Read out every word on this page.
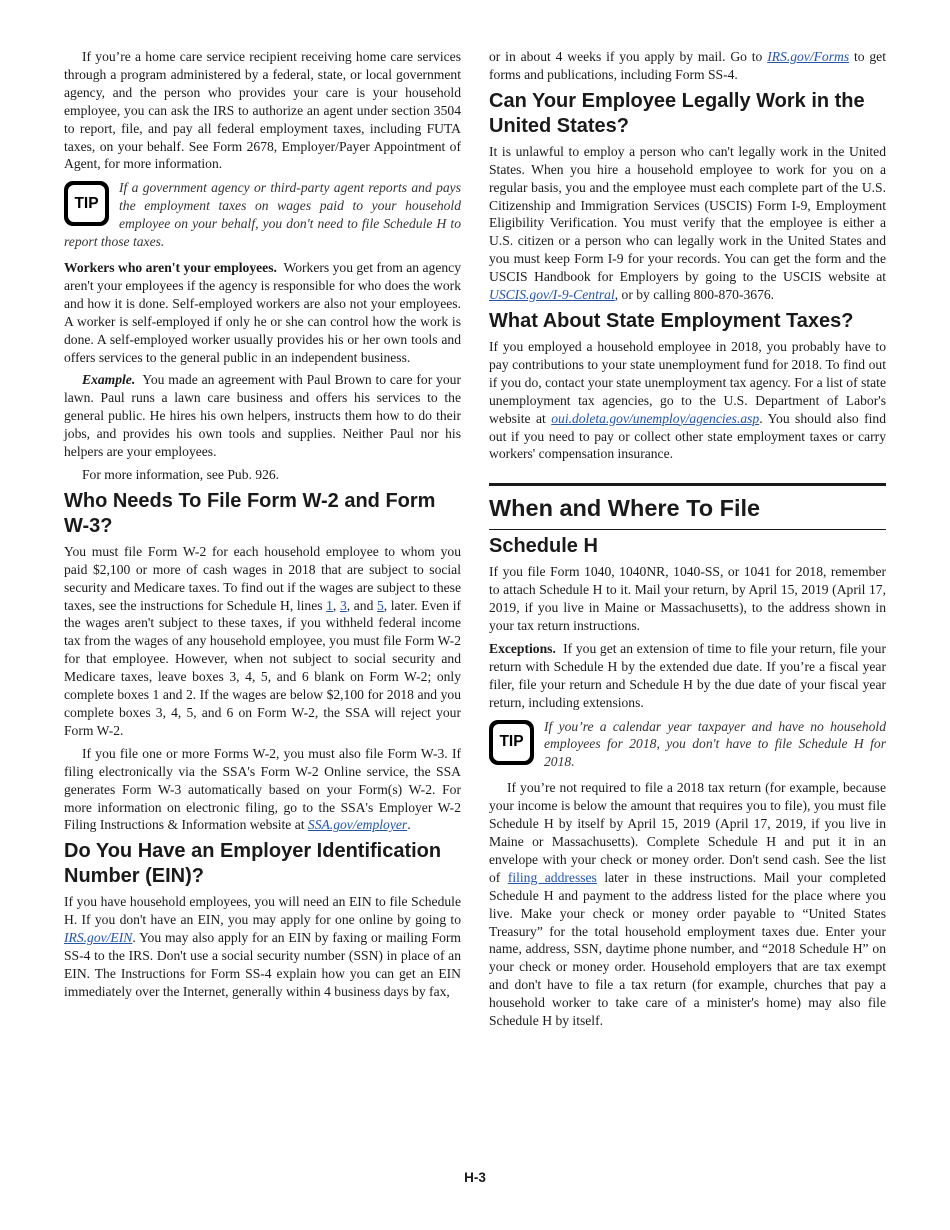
If you’re a home care service recipient receiving home care services through a program administered by a federal, state, or local government agency, and the person who provides your care is your household employee, you can ask the IRS to authorize an agent under section 3504 to report, file, and pay all federal employment taxes, including FUTA taxes, on your behalf. See Form 2678, Employer/Payer Appointment of Agent, for more information.

TIP
If a government agency or third-party agent reports and pays the employment taxes on wages paid to your household employee on your behalf, you don't need to file Schedule H to report those taxes.

Workers who aren't your employees. Workers you get from an agency aren't your employees if the agency is responsible for who does the work and how it is done. Self-employed workers are also not your employees. A worker is self-employed if only he or she can control how the work is done. A self-employed worker usually provides his or her own tools and offers services to the general public in an independent business.

Example. You made an agreement with Paul Brown to care for your lawn. Paul runs a lawn care business and offers his services to the general public. He hires his own helpers, instructs them how to do their jobs, and provides his own tools and supplies. Neither Paul nor his helpers are your employees.

For more information, see Pub. 926.

Who Needs To File Form W-2 and Form W-3?

You must file Form W-2 for each household employee to whom you paid $2,100 or more of cash wages in 2018 that are subject to social security and Medicare taxes. To find out if the wages are subject to these taxes, see the instructions for Schedule H, lines 1, 3, and 5, later. Even if the wages aren't subject to these taxes, if you withheld federal income tax from the wages of any household employee, you must file Form W-2 for that employee. However, when not subject to social security and Medicare taxes, leave boxes 3, 4, 5, and 6 blank on Form W-2; only complete boxes 1 and 2. If the wages are below $2,100 for 2018 and you complete boxes 3, 4, 5, and 6 on Form W-2, the SSA will reject your Form W-2.

If you file one or more Forms W-2, you must also file Form W-3. If filing electronically via the SSA's Form W-2 Online service, the SSA generates Form W-3 automatically based on your Form(s) W-2. For more information on electronic filing, go to the SSA's Employer W-2 Filing Instructions & Information website at SSA.gov/employer.

Do You Have an Employer Identification Number (EIN)?

If you have household employees, you will need an EIN to file Schedule H. If you don't have an EIN, you may apply for one online by going to IRS.gov/EIN. You may also apply for an EIN by faxing or mailing Form SS-4 to the IRS. Don't use a social security number (SSN) in place of an EIN. The Instructions for Form SS-4 explain how you can get an EIN immediately over the Internet, generally within 4 business days by fax,

or in about 4 weeks if you apply by mail. Go to IRS.gov/Forms to get forms and publications, including Form SS-4.

Can Your Employee Legally Work in the United States?

It is unlawful to employ a person who can't legally work in the United States. When you hire a household employee to work for you on a regular basis, you and the employee must each complete part of the U.S. Citizenship and Immigration Services (USCIS) Form I-9, Employment Eligibility Verification. You must verify that the employee is either a U.S. citizen or a person who can legally work in the United States and you must keep Form I-9 for your records. You can get the form and the USCIS Handbook for Employers by going to the USCIS website at USCIS.gov/I-9-Central, or by calling 800-870-3676.

What About State Employment Taxes?

If you employed a household employee in 2018, you probably have to pay contributions to your state unemployment fund for 2018. To find out if you do, contact your state unemployment tax agency. For a list of state unemployment tax agencies, go to the U.S. Department of Labor's website at oui.doleta.gov/unemploy/agencies.asp. You should also find out if you need to pay or collect other state employment taxes or carry workers' compensation insurance.

When and Where To File
Schedule H

If you file Form 1040, 1040NR, 1040-SS, or 1041 for 2018, remember to attach Schedule H to it. Mail your return, by April 15, 2019 (April 17, 2019, if you live in Maine or Massachusetts), to the address shown in your tax return instructions.

Exceptions. If you get an extension of time to file your return, file your return with Schedule H by the extended due date. If you’re a fiscal year filer, file your return and Schedule H by the due date of your fiscal year return, including extensions.

TIP
If you’re a calendar year taxpayer and have no household employees for 2018, you don't have to file Schedule H for 2018.

If you’re not required to file a 2018 tax return (for example, because your income is below the amount that requires you to file), you must file Schedule H by itself by April 15, 2019 (April 17, 2019, if you live in Maine or Massachusetts). Complete Schedule H and put it in an envelope with your check or money order. Don't send cash. See the list of filing addresses later in these instructions. Mail your completed Schedule H and payment to the address listed for the place where you live. Make your check or money order payable to “United States Treasury” for the total household employment taxes due. Enter your name, address, SSN, daytime phone number, and “2018 Schedule H” on your check or money order. Household employers that are tax exempt and don't have to file a tax return (for example, churches that pay a household worker to take care of a minister's home) may also file Schedule H by itself.

H-3
